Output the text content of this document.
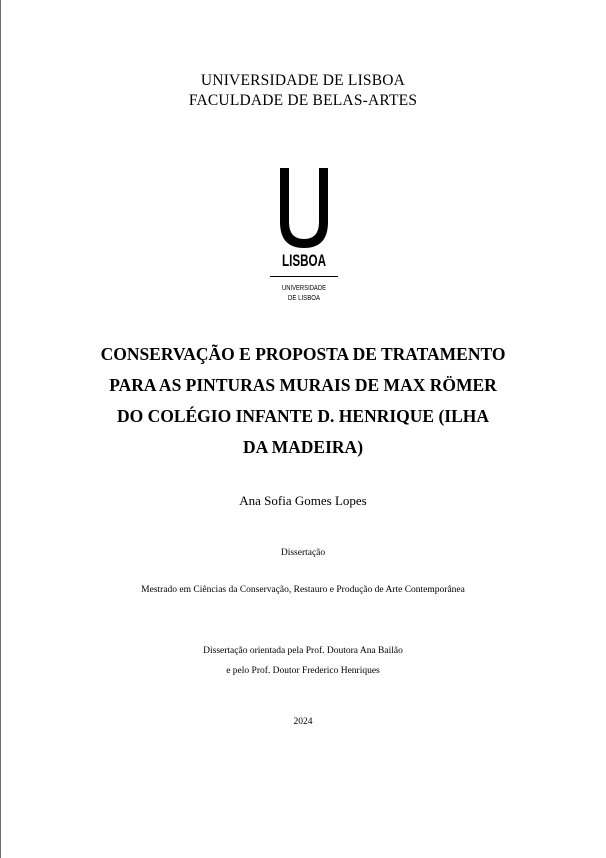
UNIVERSIDADE DE LISBOA
FACULDADE DE BELAS-ARTES
LISBOA
UNIVERSIDADE
DE LISBOA
CONSERVAÇÃO E PROPOSTA DE TRATAMENTO
PARA AS PINTURAS MURAIS DE MAX RÖMER
DO COLÉGIO INFANTE D. HENRIQUE (ILHA
DA MADEIRA)
Ana Sofia Gomes Lopes
Dissertação
Mestrado em Ciências da Conservação, Restauro e Produção de Arte Contemporânea
Dissertação orientada pela Prof. Doutora Ana Bailão
e pelo Prof. Doutor Frederico Henriques
2024
